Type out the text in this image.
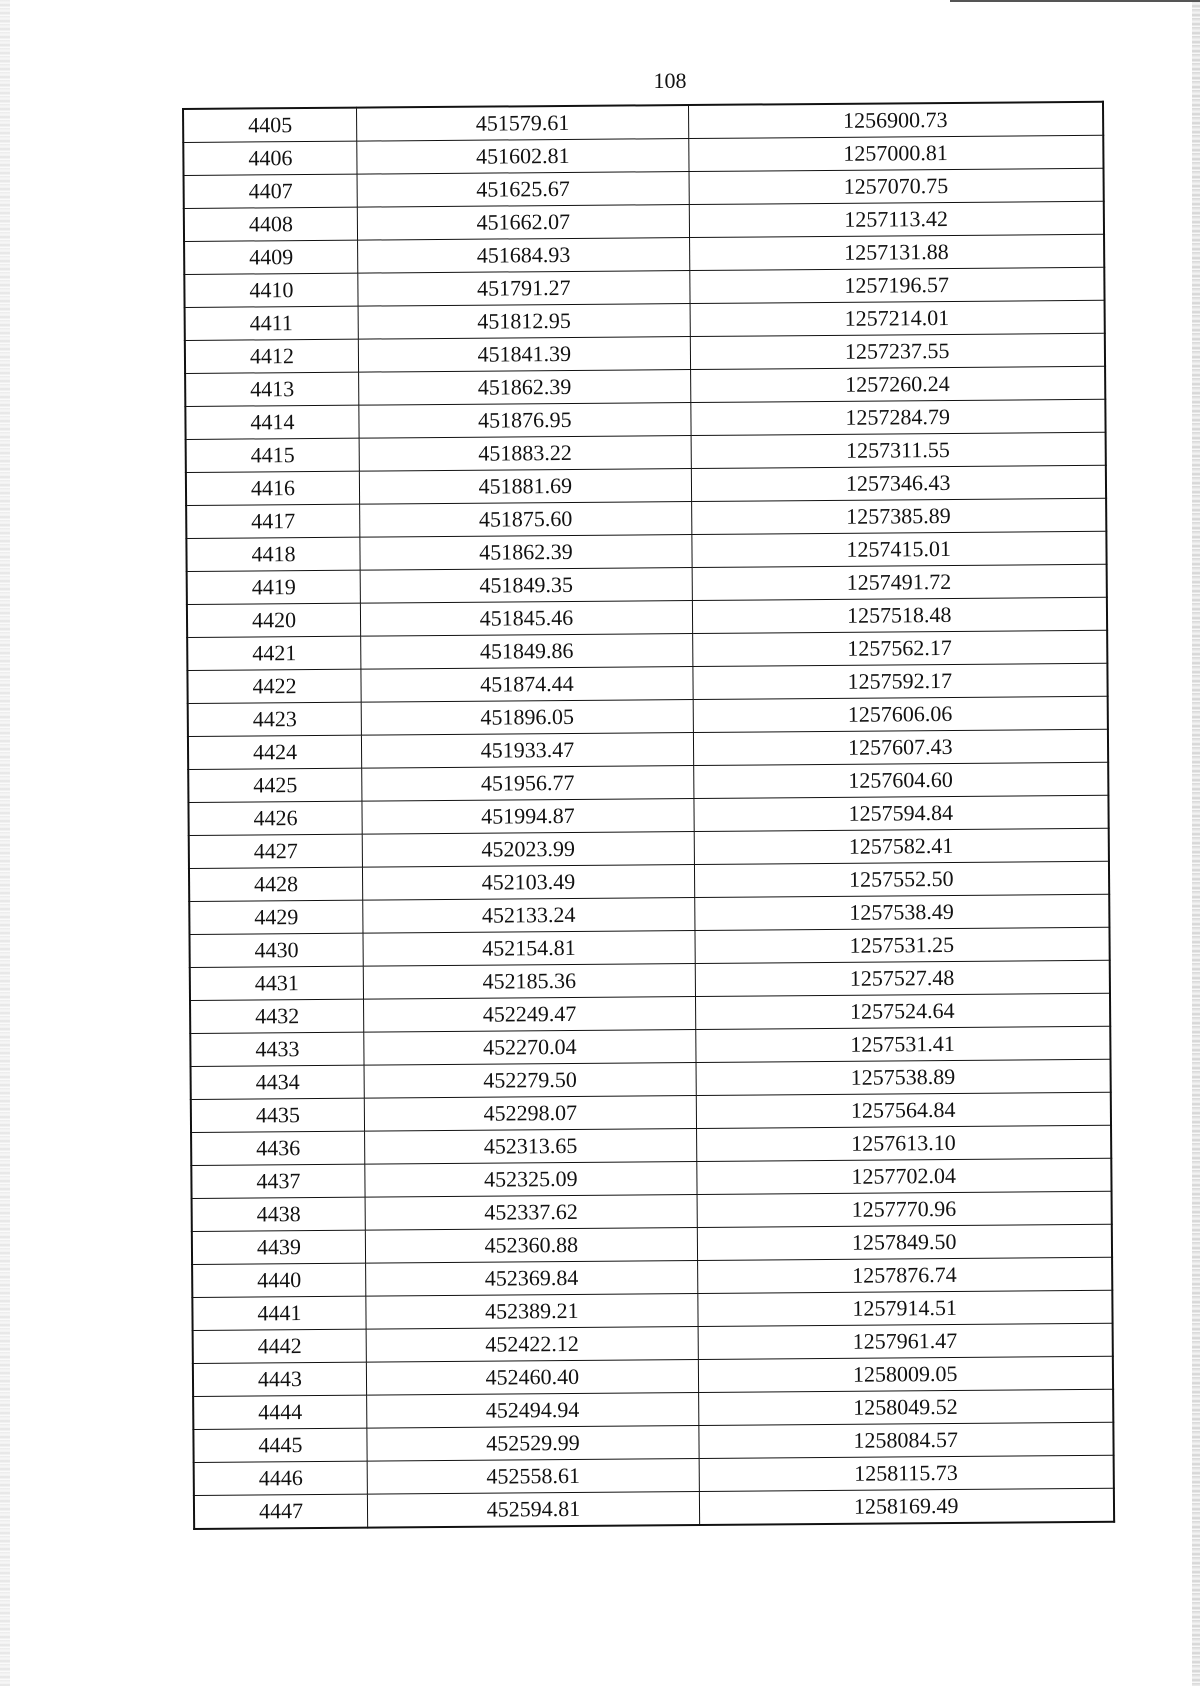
108
4405	451579.61	1256900.73
4406	451602.81	1257000.81
4407	451625.67	1257070.75
4408	451662.07	1257113.42
4409	451684.93	1257131.88
4410	451791.27	1257196.57
4411	451812.95	1257214.01
4412	451841.39	1257237.55
4413	451862.39	1257260.24
4414	451876.95	1257284.79
4415	451883.22	1257311.55
4416	451881.69	1257346.43
4417	451875.60	1257385.89
4418	451862.39	1257415.01
4419	451849.35	1257491.72
4420	451845.46	1257518.48
4421	451849.86	1257562.17
4422	451874.44	1257592.17
4423	451896.05	1257606.06
4424	451933.47	1257607.43
4425	451956.77	1257604.60
4426	451994.87	1257594.84
4427	452023.99	1257582.41
4428	452103.49	1257552.50
4429	452133.24	1257538.49
4430	452154.81	1257531.25
4431	452185.36	1257527.48
4432	452249.47	1257524.64
4433	452270.04	1257531.41
4434	452279.50	1257538.89
4435	452298.07	1257564.84
4436	452313.65	1257613.10
4437	452325.09	1257702.04
4438	452337.62	1257770.96
4439	452360.88	1257849.50
4440	452369.84	1257876.74
4441	452389.21	1257914.51
4442	452422.12	1257961.47
4443	452460.40	1258009.05
4444	452494.94	1258049.52
4445	452529.99	1258084.57
4446	452558.61	1258115.73
4447	452594.81	1258169.49
